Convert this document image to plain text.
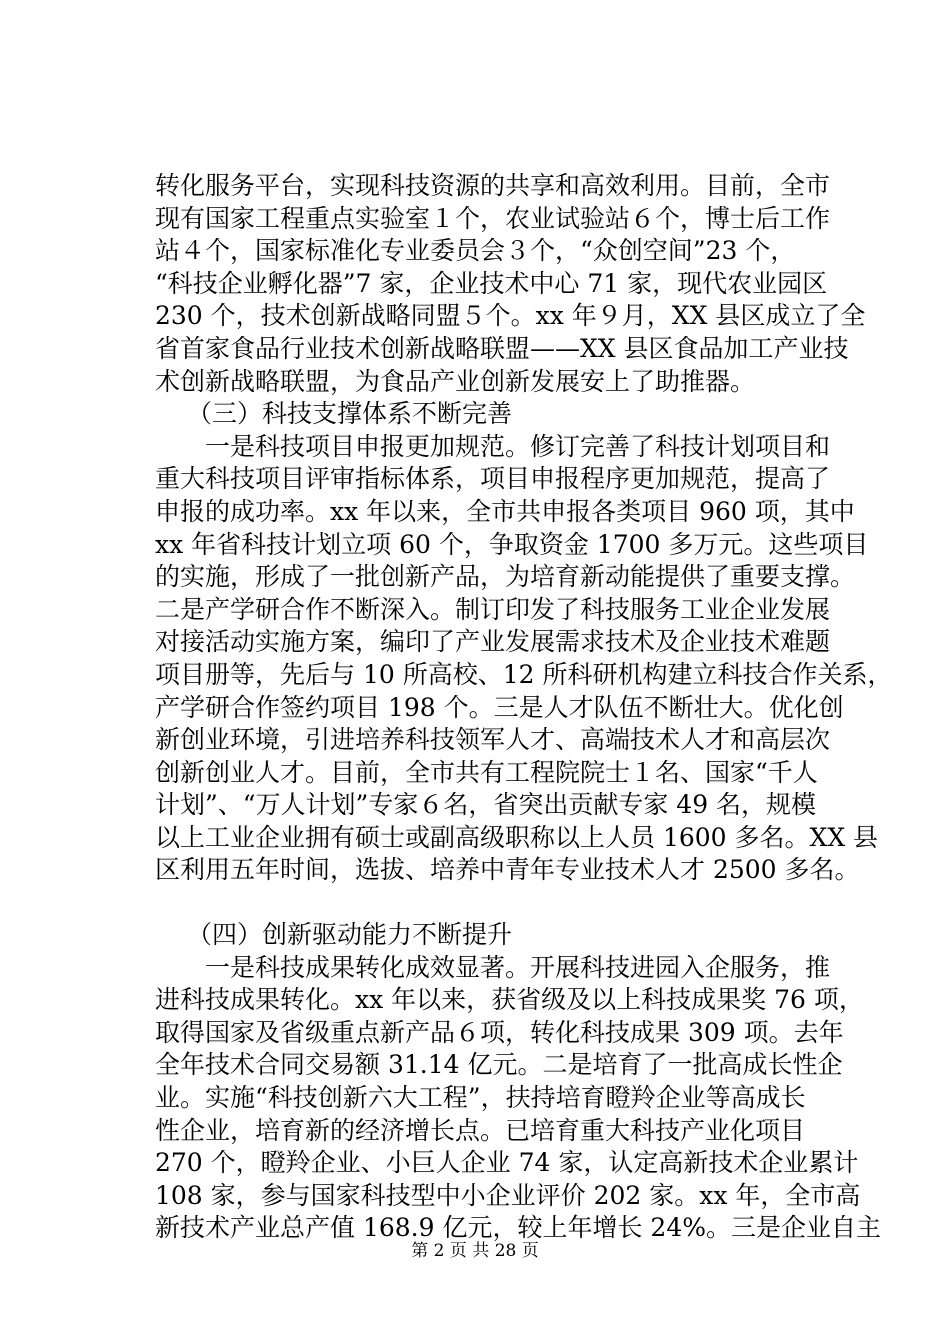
转化服务平台，实现科技资源的共享和高效利用。目前，全市
现有国家工程重点实验室１个，农业试验站６个，博士后工作
站４个，国家标准化专业委员会３个，“众创空间”23 个，
“科技企业孵化器”7 家，企业技术中心 71 家，现代农业园区
230 个，技术创新战略同盟５个。xx 年９月，XX 县区成立了全
省首家食品行业技术创新战略联盟——XX 县区食品加工产业技
术创新战略联盟，为食品产业创新发展安上了助推器。
（三）科技支撑体系不断完善
一是科技项目申报更加规范。修订完善了科技计划项目和
重大科技项目评审指标体系，项目申报程序更加规范，提高了
申报的成功率。xx 年以来，全市共申报各类项目 960 项，其中
xx 年省科技计划立项 60 个，争取资金 1700 多万元。这些项目
的实施，形成了一批创新产品，为培育新动能提供了重要支撑。
二是产学研合作不断深入。制订印发了科技服务工业企业发展
对接活动实施方案，编印了产业发展需求技术及企业技术难题
项目册等，先后与 10 所高校、12 所科研机构建立科技合作关系，
产学研合作签约项目 198 个。三是人才队伍不断壮大。优化创
新创业环境，引进培养科技领军人才、高端技术人才和高层次
创新创业人才。目前，全市共有工程院院士１名、国家“千人
计划”、“万人计划”专家６名，省突出贡献专家 49 名，规模
以上工业企业拥有硕士或副高级职称以上人员 1600 多名。XX 县
区利用五年时间，选拔、培养中青年专业技术人才 2500 多名。
（四）创新驱动能力不断提升
一是科技成果转化成效显著。开展科技进园入企服务，推
进科技成果转化。xx 年以来，获省级及以上科技成果奖 76 项，
取得国家及省级重点新产品６项，转化科技成果 309 项。去年
全年技术合同交易额 31.14 亿元。二是培育了一批高成长性企
业。实施“科技创新六大工程”，扶持培育瞪羚企业等高成长
性企业，培育新的经济增长点。已培育重大科技产业化项目
270 个，瞪羚企业、小巨人企业 74 家，认定高新技术企业累计
108 家，参与国家科技型中小企业评价 202 家。xx 年，全市高
新技术产业总产值 168.9 亿元，较上年增长 24%。三是企业自主
第 2 页 共 28 页
